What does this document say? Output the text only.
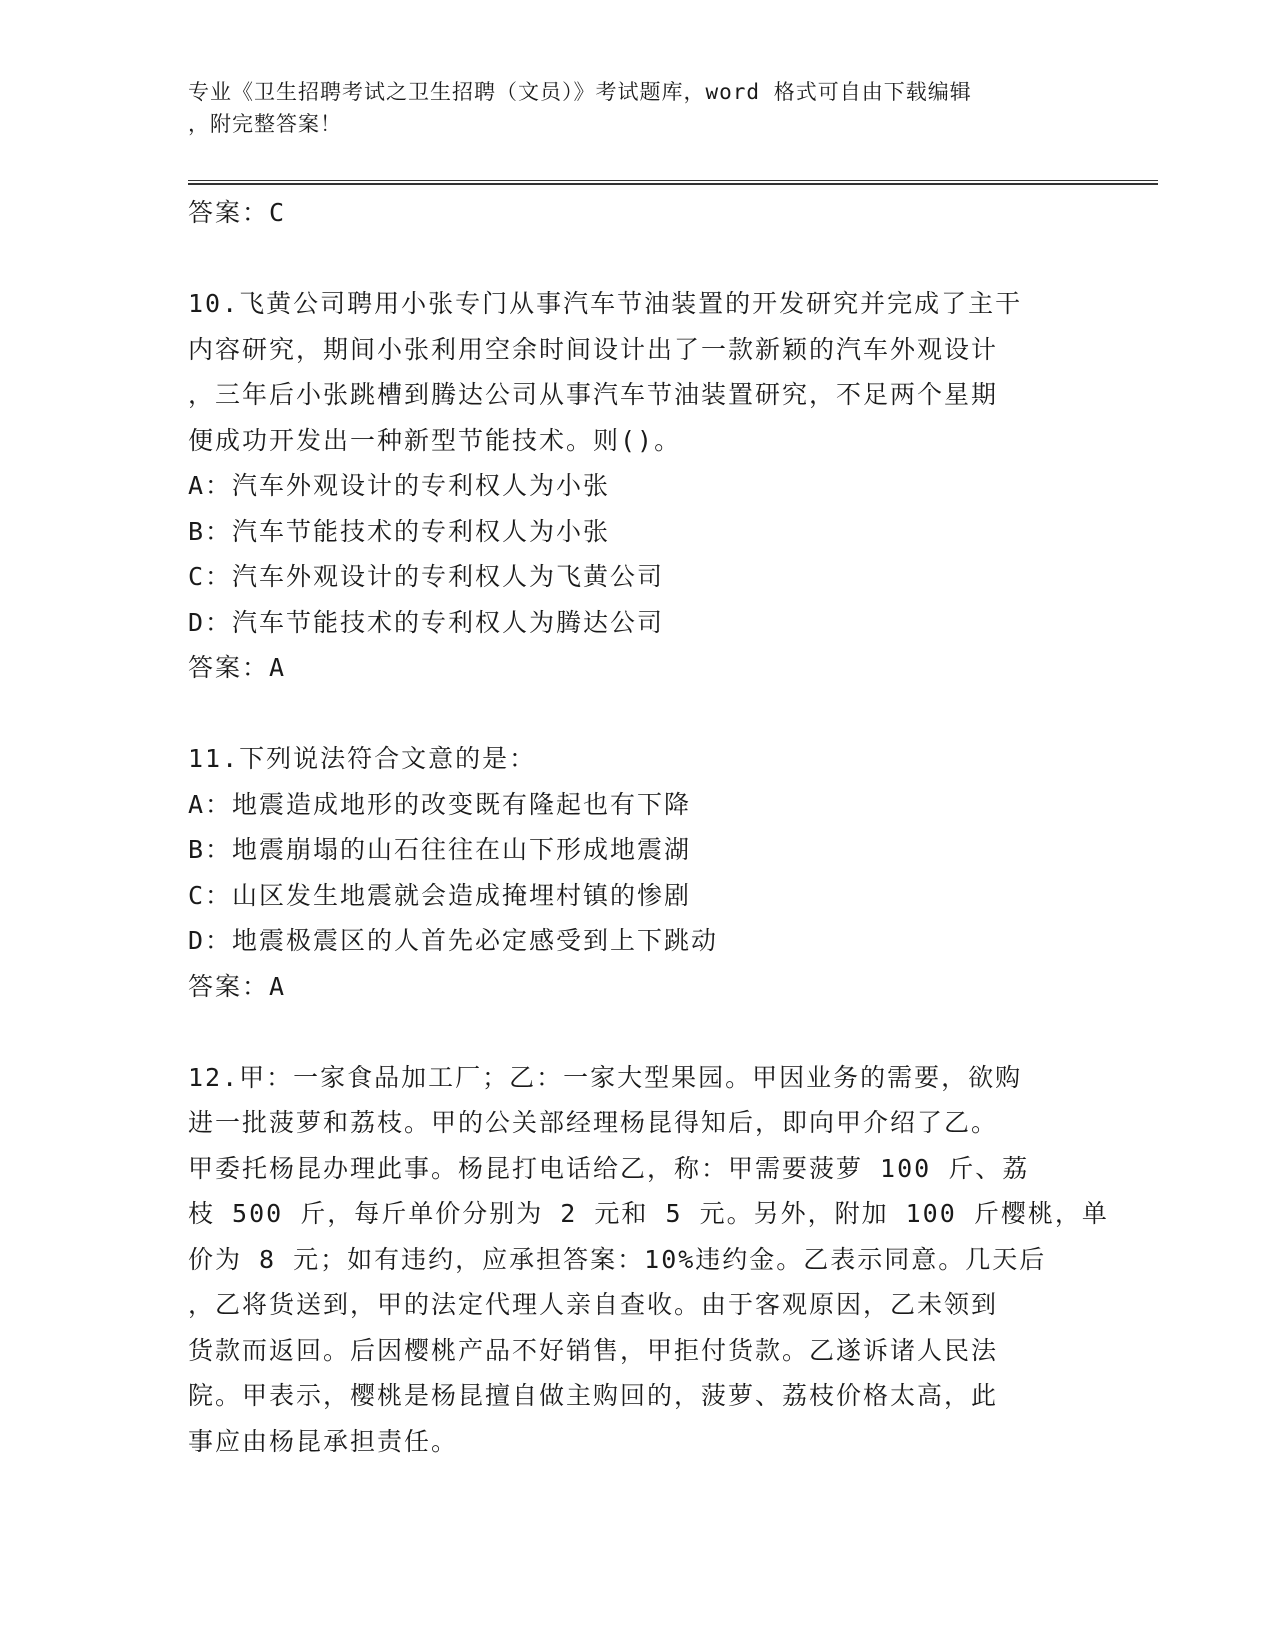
专业《卫生招聘考试之卫生招聘（文员）》考试题库，word 格式可自由下载编辑
，附完整答案！
答案：C
10.飞黄公司聘用小张专门从事汽车节油装置的开发研究并完成了主干
内容研究，期间小张利用空余时间设计出了一款新颖的汽车外观设计
，三年后小张跳槽到腾达公司从事汽车节油装置研究，不足两个星期
便成功开发出一种新型节能技术。则()。
A：汽车外观设计的专利权人为小张
B：汽车节能技术的专利权人为小张
C：汽车外观设计的专利权人为飞黄公司
D：汽车节能技术的专利权人为腾达公司
答案：A
11.下列说法符合文意的是：
A：地震造成地形的改变既有隆起也有下降
B：地震崩塌的山石往往在山下形成地震湖
C：山区发生地震就会造成掩埋村镇的惨剧
D：地震极震区的人首先必定感受到上下跳动
答案：A
12.甲：一家食品加工厂；乙：一家大型果园。甲因业务的需要，欲购
进一批菠萝和荔枝。甲的公关部经理杨昆得知后，即向甲介绍了乙。
甲委托杨昆办理此事。杨昆打电话给乙，称：甲需要菠萝 100 斤、荔
枝 500 斤，每斤单价分别为 2 元和 5 元。另外，附加 100 斤樱桃，单
价为 8 元；如有违约，应承担答案：10%违约金。乙表示同意。几天后
，乙将货送到，甲的法定代理人亲自查收。由于客观原因，乙未领到
货款而返回。后因樱桃产品不好销售，甲拒付货款。乙遂诉诸人民法
院。甲表示，樱桃是杨昆擅自做主购回的，菠萝、荔枝价格太高，此
事应由杨昆承担责任。
